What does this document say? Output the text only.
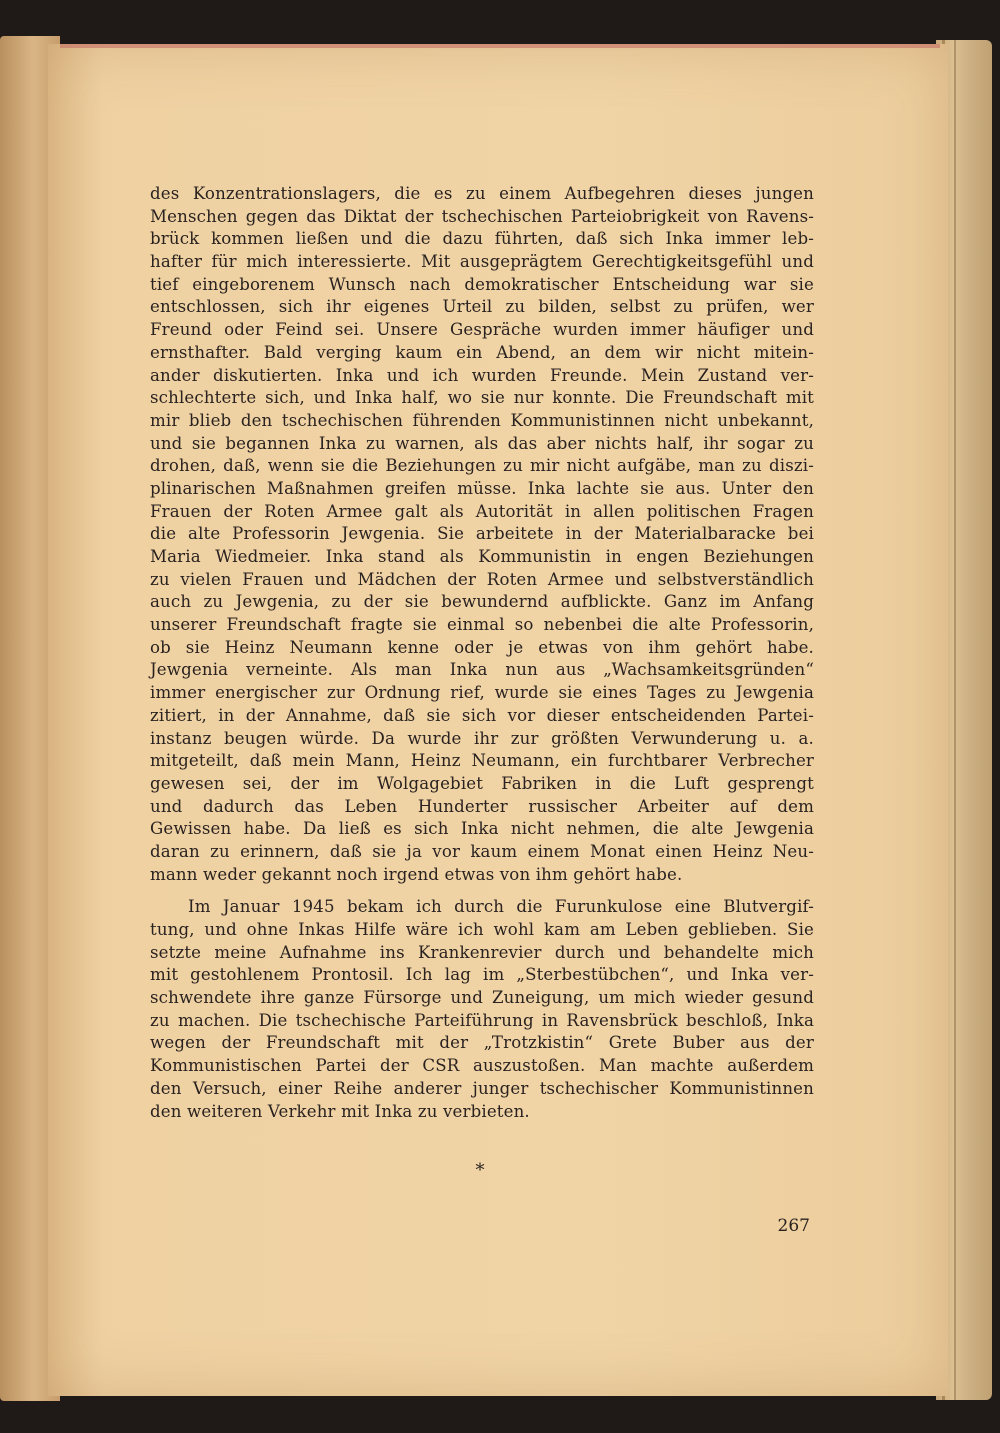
des Konzentrationslagers, die es zu einem Aufbegehren dieses jungen
Menschen gegen das Diktat der tschechischen Parteiobrigkeit von Ravens-
brück kommen ließen und die dazu führten, daß sich Inka immer leb-
hafter für mich interessierte. Mit ausgeprägtem Gerechtigkeitsgefühl und
tief eingeborenem Wunsch nach demokratischer Entscheidung war sie
entschlossen, sich ihr eigenes Urteil zu bilden, selbst zu prüfen, wer
Freund oder Feind sei. Unsere Gespräche wurden immer häufiger und
ernsthafter. Bald verging kaum ein Abend, an dem wir nicht mitein-
ander diskutierten. Inka und ich wurden Freunde. Mein Zustand ver-
schlechterte sich, und Inka half, wo sie nur konnte. Die Freundschaft mit
mir blieb den tschechischen führenden Kommunistinnen nicht unbekannt,
und sie begannen Inka zu warnen, als das aber nichts half, ihr sogar zu
drohen, daß, wenn sie die Beziehungen zu mir nicht aufgäbe, man zu diszi-
plinarischen Maßnahmen greifen müsse. Inka lachte sie aus. Unter den
Frauen der Roten Armee galt als Autorität in allen politischen Fragen
die alte Professorin Jewgenia. Sie arbeitete in der Materialbaracke bei
Maria Wiedmeier. Inka stand als Kommunistin in engen Beziehungen
zu vielen Frauen und Mädchen der Roten Armee und selbstverständlich
auch zu Jewgenia, zu der sie bewundernd aufblickte. Ganz im Anfang
unserer Freundschaft fragte sie einmal so nebenbei die alte Professorin,
ob sie Heinz Neumann kenne oder je etwas von ihm gehört habe.
Jewgenia verneinte. Als man Inka nun aus „Wachsamkeitsgründen“
immer energischer zur Ordnung rief, wurde sie eines Tages zu Jewgenia
zitiert, in der Annahme, daß sie sich vor dieser entscheidenden Partei-
instanz beugen würde. Da wurde ihr zur größten Verwunderung u. a.
mitgeteilt, daß mein Mann, Heinz Neumann, ein furchtbarer Verbrecher
gewesen sei, der im Wolgagebiet Fabriken in die Luft gesprengt
und dadurch das Leben Hunderter russischer Arbeiter auf dem
Gewissen habe. Da ließ es sich Inka nicht nehmen, die alte Jewgenia
daran zu erinnern, daß sie ja vor kaum einem Monat einen Heinz Neu-
mann weder gekannt noch irgend etwas von ihm gehört habe.
Im Januar 1945 bekam ich durch die Furunkulose eine Blutvergif-
tung, und ohne Inkas Hilfe wäre ich wohl kam am Leben geblieben. Sie
setzte meine Aufnahme ins Krankenrevier durch und behandelte mich
mit gestohlenem Prontosil. Ich lag im „Sterbestübchen“, und Inka ver-
schwendete ihre ganze Fürsorge und Zuneigung, um mich wieder gesund
zu machen. Die tschechische Parteiführung in Ravensbrück beschloß, Inka
wegen der Freundschaft mit der „Trotzkistin“ Grete Buber aus der
Kommunistischen Partei der CSR auszustoßen. Man machte außerdem
den Versuch, einer Reihe anderer junger tschechischer Kommunistinnen
den weiteren Verkehr mit Inka zu verbieten.
*
267
